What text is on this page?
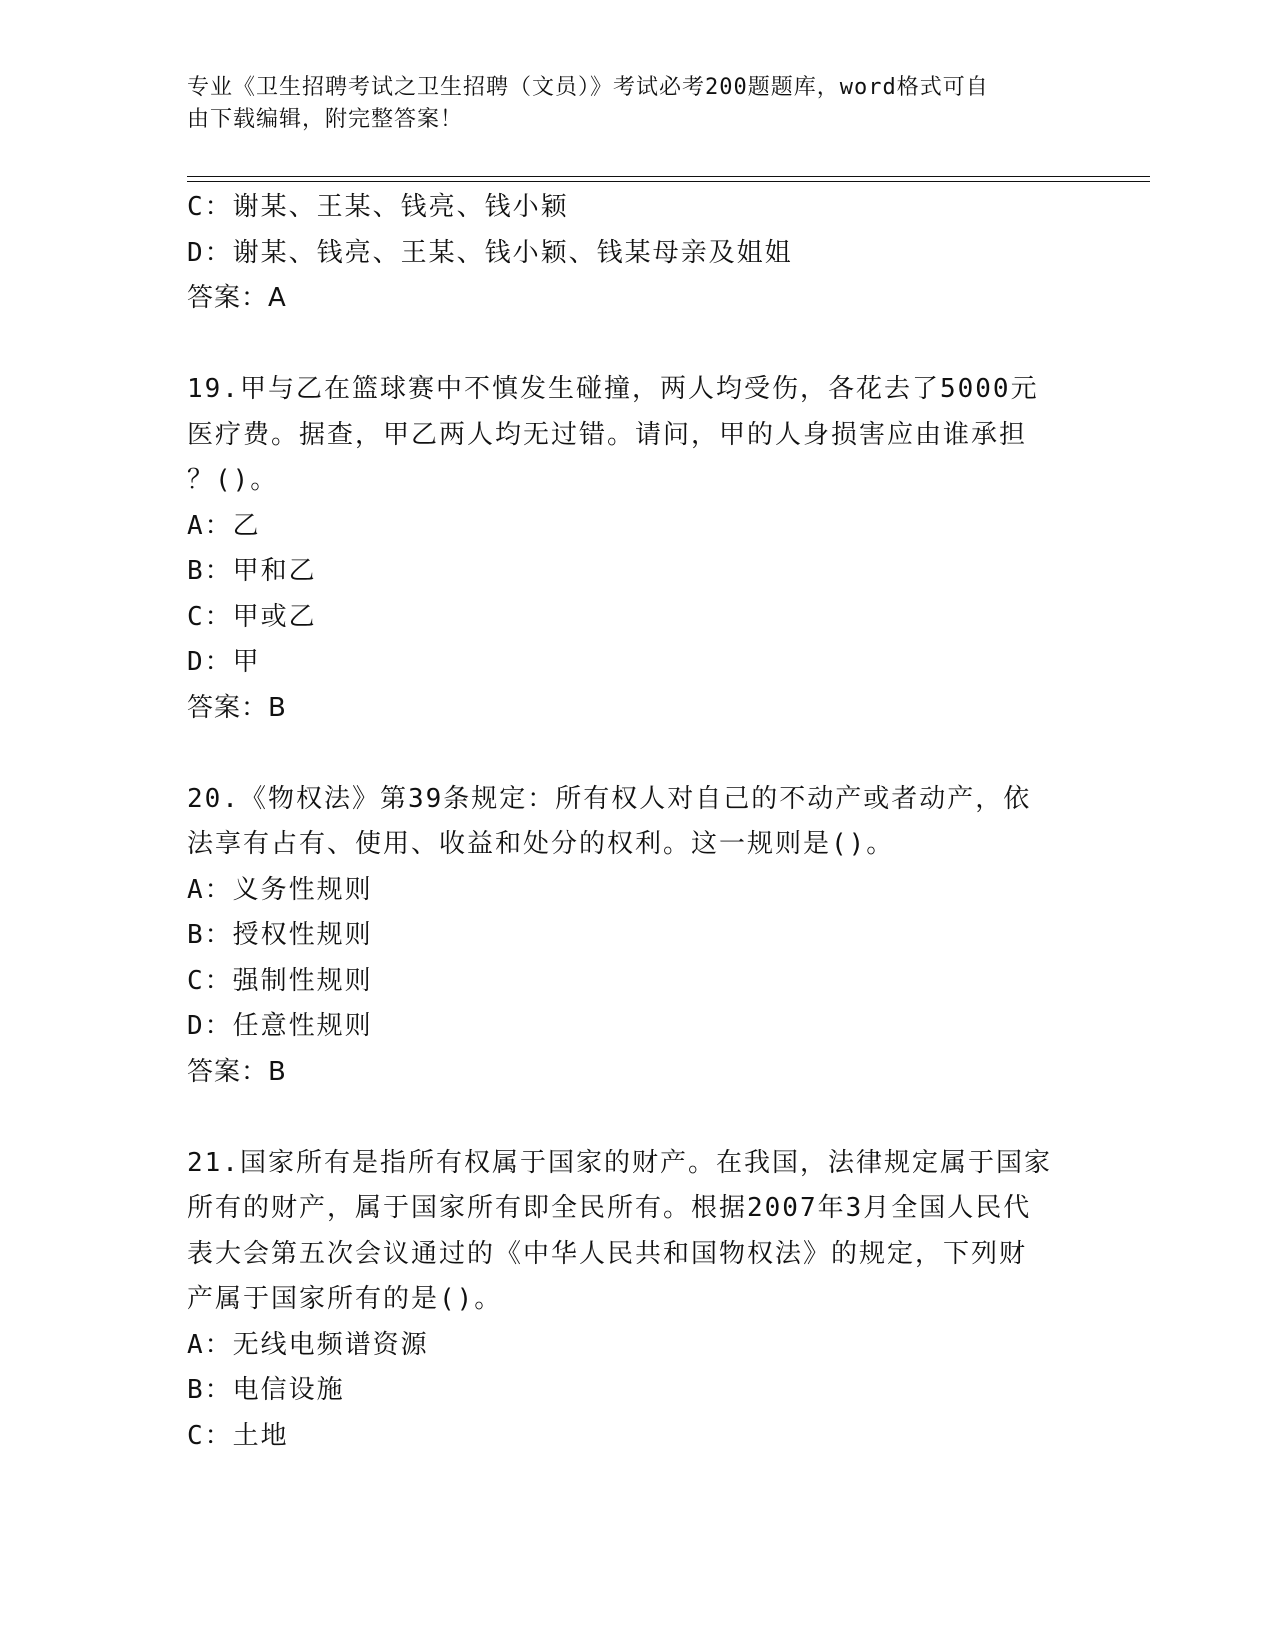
专业《卫生招聘考试之卫生招聘（文员）》考试必考200题题库，word格式可自
由下载编辑，附完整答案！
C：谢某、王某、钱亮、钱小颖
D：谢某、钱亮、王某、钱小颖、钱某母亲及姐姐
答案：A
19.甲与乙在篮球赛中不慎发生碰撞，两人均受伤，各花去了5000元
医疗费。据查，甲乙两人均无过错。请问，甲的人身损害应由谁承担
？()。
A：乙
B：甲和乙
C：甲或乙
D：甲
答案：B
20.《物权法》第39条规定：所有权人对自己的不动产或者动产，依
法享有占有、使用、收益和处分的权利。这一规则是()。
A：义务性规则
B：授权性规则
C：强制性规则
D：任意性规则
答案：B
21.国家所有是指所有权属于国家的财产。在我国，法律规定属于国家
所有的财产，属于国家所有即全民所有。根据2007年3月全国人民代
表大会第五次会议通过的《中华人民共和国物权法》的规定，下列财
产属于国家所有的是()。
A：无线电频谱资源
B：电信设施
C：土地
